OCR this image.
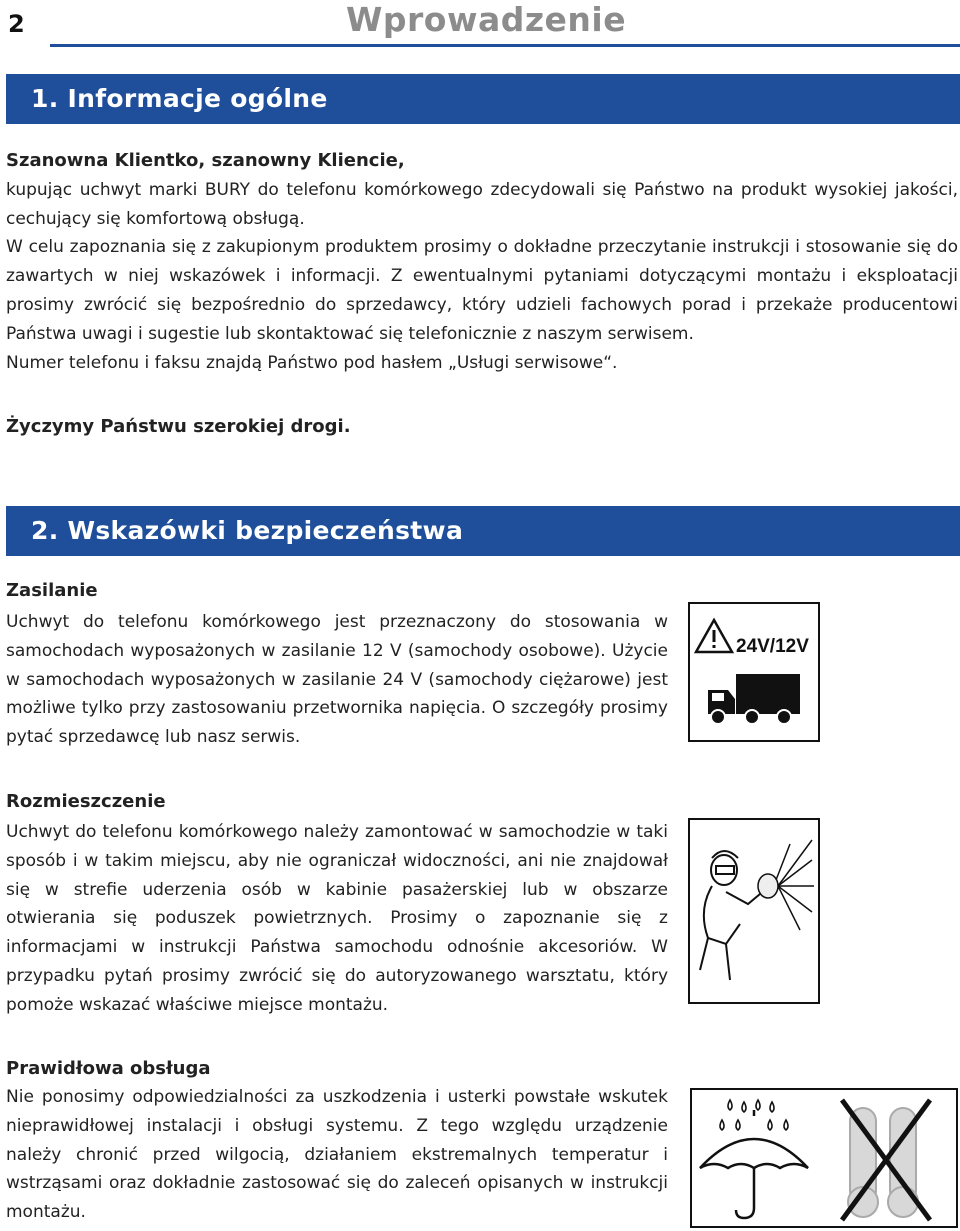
2	Wprowadzenie
1. Informacje ogólne

Szanowna Klientko, szanowny Kliencie,

kupując uchwyt marki BURY do telefonu komórkowego zdecydowali się Państwo na produkt wysokiej jakości, cechujący się komfortową obsługą.

W celu zapoznania się z zakupionym produktem prosimy o dokładne przeczytanie instrukcji i stosowanie się do zawartych w niej wskazówek i informacji. Z ewentualnymi pytaniami dotyczącymi montażu i eksploatacji prosimy zwrócić się bezpośrednio do sprzedawcy, który udzieli fachowych porad i przekaże producentowi Państwa uwagi i sugestie lub skontaktować się telefonicznie z naszym serwisem.

Numer telefonu i faksu znajdą Państwo pod hasłem „Usługi serwisowe“.

Życzymy Państwu szerokiej drogi.
2. Wskazówki bezpieczeństwa
Zasilanie

Uchwyt do telefonu komórkowego jest przeznaczony do stosowania w samochodach wyposażonych w zasilanie 12 V (samochody osobowe). Użycie w samochodach wyposażonych w zasilanie 24 V (samochody ciężarowe) jest możliwe tylko przy zastosowaniu przetwornika napięcia. O szczegóły prosimy pytać sprzedawcę lub nasz serwis.

24V/12V
Rozmieszczenie

Uchwyt do telefonu komórkowego należy zamontować w samochodzie w taki sposób i w takim miejscu, aby nie ograniczał widoczności, ani nie znajdował się w strefie uderzenia osób w kabinie pasażerskiej lub w obszarze otwierania się poduszek powietrznych. Prosimy o zapoznanie się z informacjami w instrukcji Państwa samochodu odnośnie akcesoriów. W przypadku pytań prosimy zwrócić się do autoryzowanego warsztatu, który pomoże wskazać właściwe miejsce montażu.

Prawidłowa obsługa

Nie ponosimy odpowiedzialności za uszkodzenia i usterki powstałe wskutek nieprawidłowej instalacji i obsługi systemu. Z tego względu urządzenie należy chronić przed wilgocią, działaniem ekstremalnych temperatur i wstrząsami oraz dokładnie zastosować się do zaleceń opisanych w instrukcji montażu.
